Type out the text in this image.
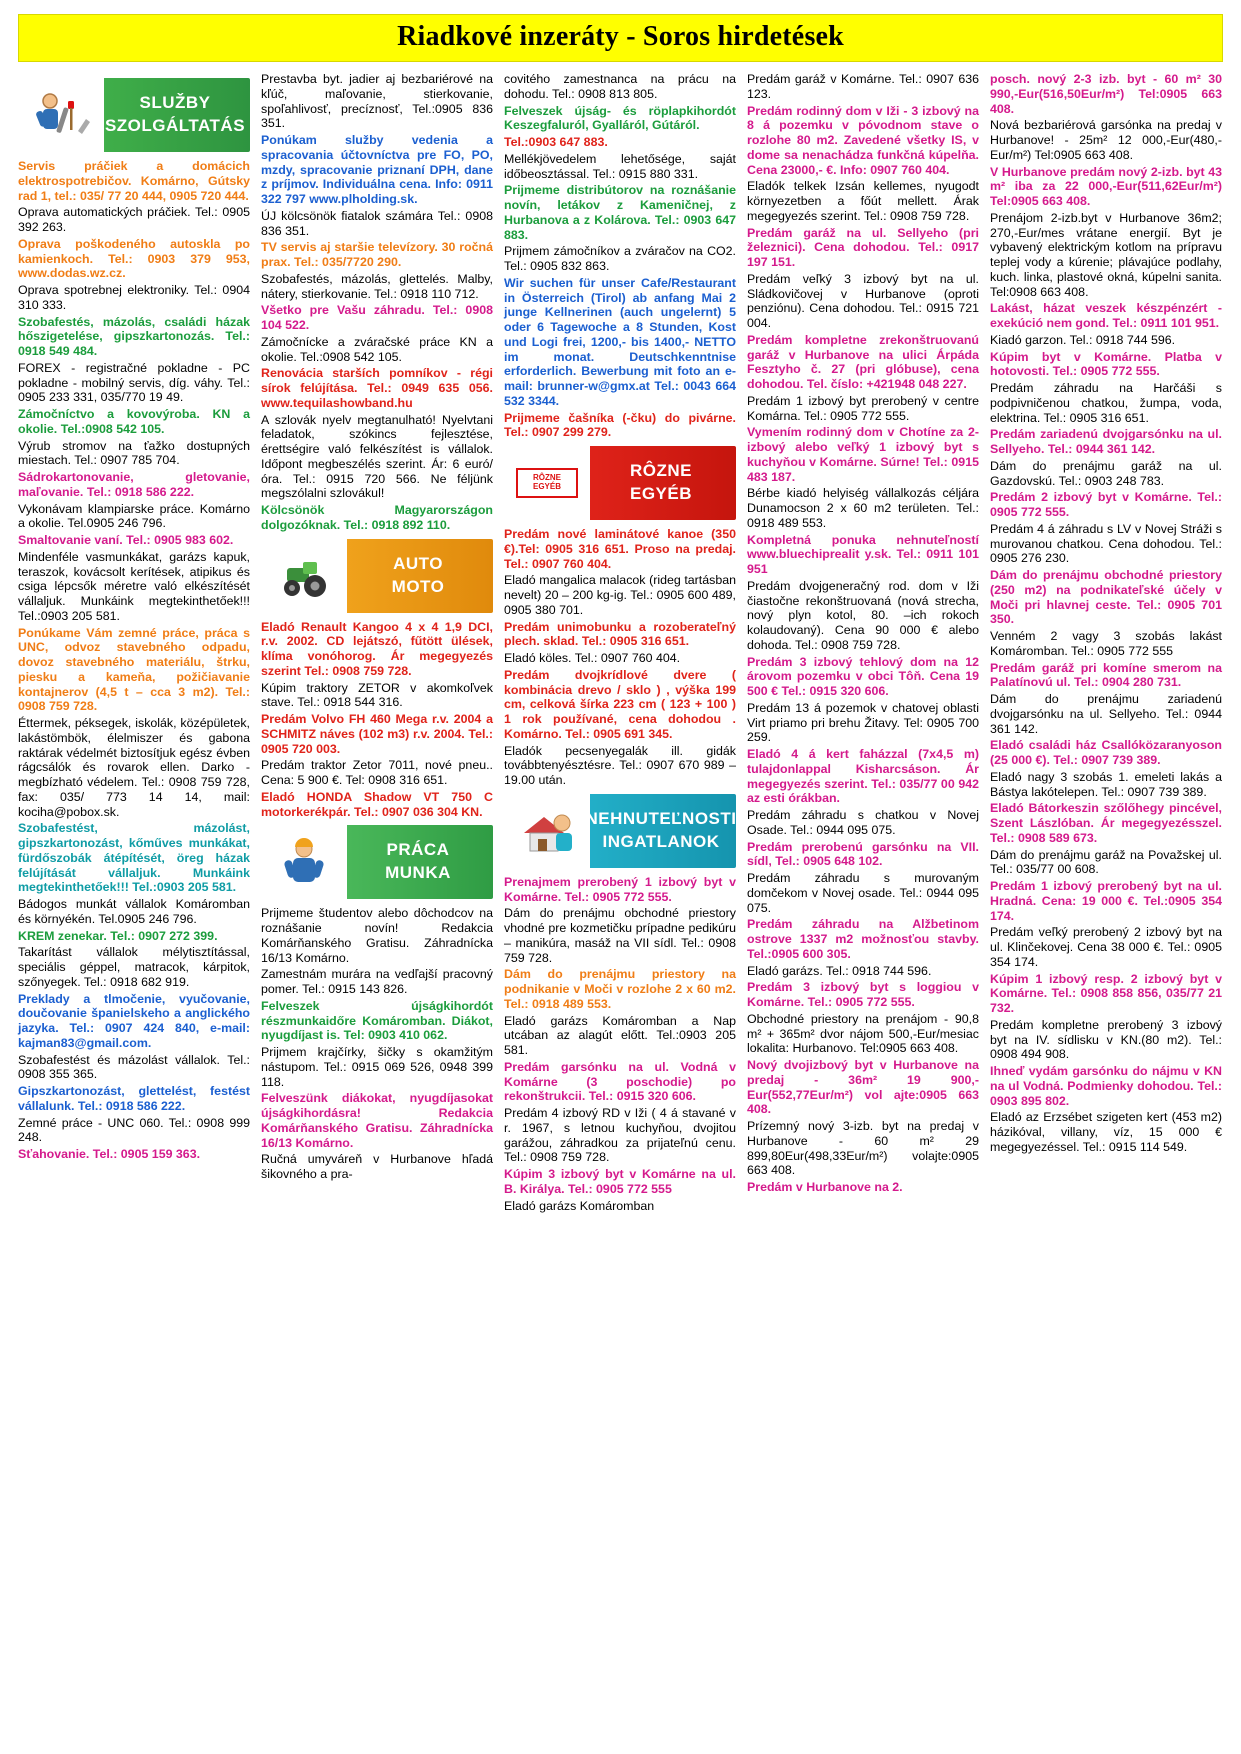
Riadkové inzeráty - Soros hirdetések
SLUŽBY
SZOLGÁLTATÁS

Servis práčiek a domácich elektrospotrebičov. Komárno, Gútsky rad 1, tel.: 035/ 77 20 444, 0905 720 444.

Oprava automatických práčiek. Tel.: 0905 392 263.

Oprava poškodeného autoskla po kamienkoch. Tel.: 0903 379 953, www.dodas.wz.cz.

Oprava spotrebnej elektroniky. Tel.: 0904 310 333.

Szobafestés, mázolás, családi házak hőszigetelése, gipszkartonozás. Tel.: 0918 549 484.

FOREX - registračné pokladne - PC pokladne - mobilný servis, díg. váhy. Tel.: 0905 233 331, 035/770 19 49.

Zámočníctvo a kovovýroba. KN a okolie. Tel.:0908 542 105.

Výrub stromov na ťažko dostupných miestach. Tel.: 0907 785 704.

Sádrokartonovanie, gletovanie, maľovanie. Tel.: 0918 586 222.

Vykonávam klampiarske práce. Komárno a okolie. Tel.0905 246 796.

Smaltovanie vaní. Tel.: 0905 983 602.

Mindenféle vasmunkákat, garázs kapuk, teraszok, kovácsolt kerítések, atipikus és csiga lépcsők méretre való elkészítését vállaljuk. Munkáink megtekinthetőek!!! Tel.:0903 205 581.

Ponúkame Vám zemné práce, práca s UNC, odvoz stavebného odpadu, dovoz stavebného materiálu, štrku, piesku a kameňa, požičiavanie kontajnerov (4,5 t – cca 3 m2). Tel.: 0908 759 728.

Éttermek, péksegek, iskolák, középületek, lakástömbök, élelmiszer és gabona raktárak védelmét biztosítjuk egész évben rágcsálók és rovarok ellen. Darko - megbízható védelem. Tel.: 0908 759 728, fax: 035/ 773 14 14, mail: kociha@pobox.sk.

Szobafestést, mázolást, gipszkartonozást, kőműves munkákat, fürdőszobák átépítését, öreg házak felújítását vállaljuk. Munkáink megtekinthetőek!!! Tel.:0903 205 581.

Bádogos munkát vállalok Komáromban és környékén. Tel.0905 246 796.

KREM zenekar. Tel.: 0907 272 399.

Takarítást vállalok mélytisztítással, speciális géppel, matracok, kárpitok, szőnyegek. Tel.: 0918 682 919.

Preklady a tlmočenie, vyučovanie, doučovanie španielskeho a anglického jazyka. Tel.: 0907 424 840, e-mail: kajman83@gmail.com.

Szobafestést és mázolást vállalok. Tel.: 0908 355 365.

Gipszkartonozást, glettelést, festést vállalunk. Tel.: 0918 586 222.

Zemné práce - UNC 060. Tel.: 0908 999 248.

Sťahovanie. Tel.: 0905 159 363.

Prestavba byt. jadier aj bezbariérové na kľúč, maľovanie, stierkovanie, spoľahlivosť, precíznosť, Tel.:0905 836 351.

Ponúkam služby vedenia a spracovania účtovníctva pre FO, PO, mzdy, spracovanie priznaní DPH, dane z príjmov. Individuálna cena. Info: 0911 322 797 www.plholding.sk.

ÚJ kölcsönök fiatalok számára Tel.: 0908 836 351.

TV servis aj staršie televízory. 30 ročná prax. Tel.: 035/7720 290.

Szobafestés, mázolás, glettelés. Malby, nátery, stierkovanie. Tel.: 0918 110 712.

Všetko pre Vašu záhradu. Tel.: 0908 104 522.

Zámočnícke a zváračské práce KN a okolie. Tel.:0908 542 105.

Renovácia starších pomníkov - régi sírok felújítása. Tel.: 0949 635 056. www.tequilashowband.hu

A szlovák nyelv megtanulható! Nyelvtani feladatok, szókincs fejlesztése, érettségire való felkészítést is vállalok. Időpont megbeszélés szerint. Ár: 6 euró/óra. Tel.: 0915 720 566. Ne féljünk megszólalni szlovákul!

Kölcsönök Magyarországon dolgozóknak. Tel.: 0918 892 110.

AUTO
MOTO

Eladó Renault Kangoo 4 x 4 1,9 DCI, r.v. 2002. CD lejátszó, fűtött ülések, klíma vonóhorog. Ár megegyezés szerint Tel.: 0908 759 728.

Kúpim traktory ZETOR v akomkoľvek stave. Tel.: 0918 544 316.

Predám Volvo FH 460 Mega r.v. 2004 a SCHMITZ náves (102 m3) r.v. 2004. Tel.: 0905 720 003.

Predám traktor Zetor 7011, nové pneu.. Cena: 5 900 €. Tel: 0908 316 651.

Eladó HONDA Shadow VT 750 C motorkerékpár. Tel.: 0907 036 304 KN.

PRÁCA
MUNKA

Prijmeme študentov alebo dôchodcov na roznášanie novín! Redakcia Komárňanského Gratisu. Záhradnícka 16/13 Komárno.

Zamestnám murára na vedľajší pracovný pomer. Tel.: 0915 143 826.

Felveszek újságkihordót részmunkaidőre Komáromban. Diákot, nyugdíjast is. Tel: 0903 410 062.

Prijmem krajčírky, šičky s okamžitým nástupom. Tel.: 0915 069 526, 0948 399 118.

Felveszünk diákokat, nyugdíjasokat újságkihordásra! Redakcia Komárňanského Gratisu. Záhradnícka 16/13 Komárno.

Ručná umyváreň v Hurbanove hľadá šikovného a pra-

covitého zamestnanca na prácu na dohodu. Tel.: 0908 813 805.

Felveszek újság- és röplapkihordót Keszegfaluról, Gyalláról, Gútáról.

Tel.:0903 647 883.

Mellékjövedelem lehetősége, saját időbeosztással. Tel.: 0915 880 331.

Prijmeme distribútorov na roznášanie novín, letákov z Kameničnej, z Hurbanova a z Kolárova. Tel.: 0903 647 883.

Prijmem zámočníkov a zváračov na CO2. Tel.: 0905 832 863.

Wir suchen für unser Cafe/Restaurant in Österreich (Tirol) ab anfang Mai 2 junge Kellnerinen (auch ungelernt) 5 oder 6 Tagewoche a 8 Stunden, Kost und Logi frei, 1200,- bis 1400,- NETTO im monat. Deutschkenntnise erforderlich. Bewerbung mit foto an e-mail: brunner-w@gmx.at Tel.: 0043 664 532 3344.

Prijmeme čašníka (-čku) do pivárne. Tel.: 0907 299 279.

RÔZNE
EGYÉB
RÔZNE
EGYÉB

Predám nové laminátové kanoe (350 €).Tel: 0905 316 651. Proso na predaj. Tel.: 0907 760 404.

Eladó mangalica malacok (rideg tartásban nevelt) 20 – 200 kg-ig. Tel.: 0905 600 489, 0905 380 701.

Predám unimobunku a rozoberateľný plech. sklad. Tel.: 0905 316 651.

Eladó köles. Tel.: 0907 760 404.

Predám dvojkrídlové dvere ( kombinácia drevo / sklo ) , výška 199 cm, celková šírka 223 cm ( 123 + 100 ) 1 rok používané, cena dohodou . Komárno. Tel.: 0905 691 345.

Eladók pecsenyegalák ill. gidák továbbtenyésztésre. Tel.: 0907 670 989 – 19.00 után.

NEHNUTEĽNOSTI
INGATLANOK

Prenajmem prerobený 1 izbový byt v Komárne. Tel.: 0905 772 555.

Dám do prenájmu obchodné priestory vhodné pre kozmetičku prípadne pedikúru – manikúra, masáž na VII sídl. Tel.: 0908 759 728.

Dám do prenájmu priestory na podnikanie v Moči v rozlohe 2 x 60 m2. Tel.: 0918 489 553.

Eladó garázs Komáromban a Nap utcában az alagút előtt. Tel.:0903 205 581.

Predám garsónku na ul. Vodná v Komárne (3 poschodie) po rekonštrukcii. Tel.: 0915 320 606.

Predám 4 izbový RD v Iži ( 4 á stavané v r. 1967, s letnou kuchyňou, dvojitou garážou, záhradkou za prijateľnú cenu. Tel.: 0908 759 728.

Kúpim 3 izbový byt v Komárne na ul. B. Királya. Tel.: 0905 772 555

Eladó garázs Komáromban

Predám garáž v Komárne. Tel.: 0907 636 123.

Predám rodinný dom v Iži - 3 izbový na 8 á pozemku v póvodnom stave o rozlohe 80 m2. Zavedené všetky IS, v dome sa nenachádza funkčná kúpelňa. Cena 23000,- €. Info: 0907 760 404.

Eladók telkek Izsán kellemes, nyugodt környezetben a főút mellett. Árak megegyezés szerint. Tel.: 0908 759 728.

Predám garáž na ul. Sellyeho (pri železnici). Cena dohodou. Tel.: 0917 197 151.

Predám veľký 3 izbový byt na ul. Sládkovičovej v Hurbanove (oproti penziónu). Cena dohodou. Tel.: 0915 721 004.

Predám kompletne zrekonštruovanú garáž v Hurbanove na ulici Árpáda Fesztyho č. 27 (pri glóbuse), cena dohodou. Tel. číslo: +421948 048 227.

Predám 1 izbový byt prerobený v centre Komárna. Tel.: 0905 772 555.

Vymením rodinný dom v Chotíne za 2-izbový alebo veľký 1 izbový byt s kuchyňou v Komárne. Súrne! Tel.: 0915 483 187.

Bérbe kiadó helyiség vállalkozás céljára Dunamocson 2 x 60 m2 területen. Tel.: 0918 489 553.

Kompletná ponuka nehnuteľností www.bluechiprealit y.sk. Tel.: 0911 101 951

Predám dvojgeneračný rod. dom v Iži čiastočne rekonštruovaná (nová strecha, nový plyn kotol, 80. –ich rokoch kolaudovaný). Cena 90 000 € alebo dohoda. Tel.: 0908 759 728.

Predám 3 izbový tehlový dom na 12 árovom pozemku v obci Tôň. Cena 19 500 € Tel.: 0915 320 606.

Predám 13 á pozemok v chatovej oblasti Virt priamo pri brehu Žitavy. Tel: 0905 700 259.

Eladó 4 á kert faházzal (7x4,5 m) tulajdonlappal Kisharcsáson. Ár megegyezés szerint. Tel.: 035/77 00 942 az esti órákban.

Predám záhradu s chatkou v Novej Osade. Tel.: 0944 095 075.

Predám prerobenú garsónku na VII. sídl, Tel.: 0905 648 102.

Predám záhradu s murovaným domčekom v Novej osade. Tel.: 0944 095 075.

Predám záhradu na Alžbetinom ostrove 1337 m2 možnosťou stavby. Tel.:0905 600 305.

Eladó garázs. Tel.: 0918 744 596.

Predám 3 izbový byt s loggiou v Komárne. Tel.: 0905 772 555.

Obchodné priestory na prenájom - 90,8 m² + 365m² dvor nájom 500,-Eur/mesiac lokalita: Hurbanovo. Tel:0905 663 408.

Nový dvojizbový byt v Hurbanove na predaj - 36m² 19 900,-Eur(552,77Eur/m²) vol ajte:0905 663 408.

Prízemný nový 3-izb. byt na predaj v Hurbanove - 60 m² 29 899,80Eur(498,33Eur/m²) volajte:0905 663 408.

Predám v Hurbanove na 2.

posch. nový 2-3 izb. byt - 60 m² 30 990,-Eur(516,50Eur/m²) Tel:0905 663 408.

Nová bezbariérová garsónka na predaj v Hurbanove! - 25m² 12 000,-Eur(480,-Eur/m²) Tel:0905 663 408.

V Hurbanove predám nový 2-izb. byt 43 m² iba za 22 000,-Eur(511,62Eur/m²) Tel:0905 663 408.

Prenájom 2-izb.byt v Hurbanove 36m2; 270,-Eur/mes vrátane energií. Byt je vybavený elektrickým kotlom na prípravu teplej vody a kúrenie; plávajúce podlahy, kuch. linka, plastové okná, kúpelni sanita. Tel:0908 663 408.

Lakást, házat veszek készpénzért - exekúció nem gond. Tel.: 0911 101 951.

Kiadó garzon. Tel.: 0918 744 596.

Kúpim byt v Komárne. Platba v hotovosti. Tel.: 0905 772 555.

Predám záhradu na Harčáši s podpivničenou chatkou, žumpa, voda, elektrina. Tel.: 0905 316 651.

Predám zariadenú dvojgarsónku na ul. Sellyeho. Tel.: 0944 361 142.

Dám do prenájmu garáž na ul. Gazdovskú. Tel.: 0903 248 783.

Predám 2 izbový byt v Komárne. Tel.: 0905 772 555.

Predám 4 á záhradu s LV v Novej Stráži s murovanou chatkou. Cena dohodou. Tel.: 0905 276 230.

Dám do prenájmu obchodné priestory (250 m2) na podnikateľské účely v Moči pri hlavnej ceste. Tel.: 0905 701 350.

Venném 2 vagy 3 szobás lakást Komáromban. Tel.: 0905 772 555

Predám garáž pri komíne smerom na Palatínovú ul. Tel.: 0904 280 731.

Dám do prenájmu zariadenú dvojgarsónku na ul. Sellyeho. Tel.: 0944 361 142.

Eladó családi ház Csallóközaranyoson (25 000 €). Tel.: 0907 739 389.

Eladó nagy 3 szobás 1. emeleti lakás a Bástya lakótelepen. Tel.: 0907 739 389.

Eladó Bátorkeszin szőlőhegy pincével, Szent Lászlóban. Ár megegyezésszel. Tel.: 0908 589 673.

Dám do prenájmu garáž na Považskej ul. Tel.: 035/77 00 608.

Predám 1 izbový prerobený byt na ul. Hradná. Cena: 19 000 €. Tel.:0905 354 174.

Predám veľký prerobený 2 izbový byt na ul. Klinčekovej. Cena 38 000 €. Tel.: 0905 354 174.

Kúpim 1 izbový resp. 2 izbový byt v Komárne. Tel.: 0908 858 856, 035/77 21 732.

Predám kompletne prerobený 3 izbový byt na IV. sídlisku v KN.(80 m2). Tel.: 0908 494 908.

Ihneď vydám garsónku do nájmu v KN na ul Vodná. Podmienky dohodou. Tel.: 0903 895 802.

Eladó az Erzsébet szigeten kert (453 m2) házikóval, villany, víz, 15 000 € megegyezéssel. Tel.: 0915 114 549.
